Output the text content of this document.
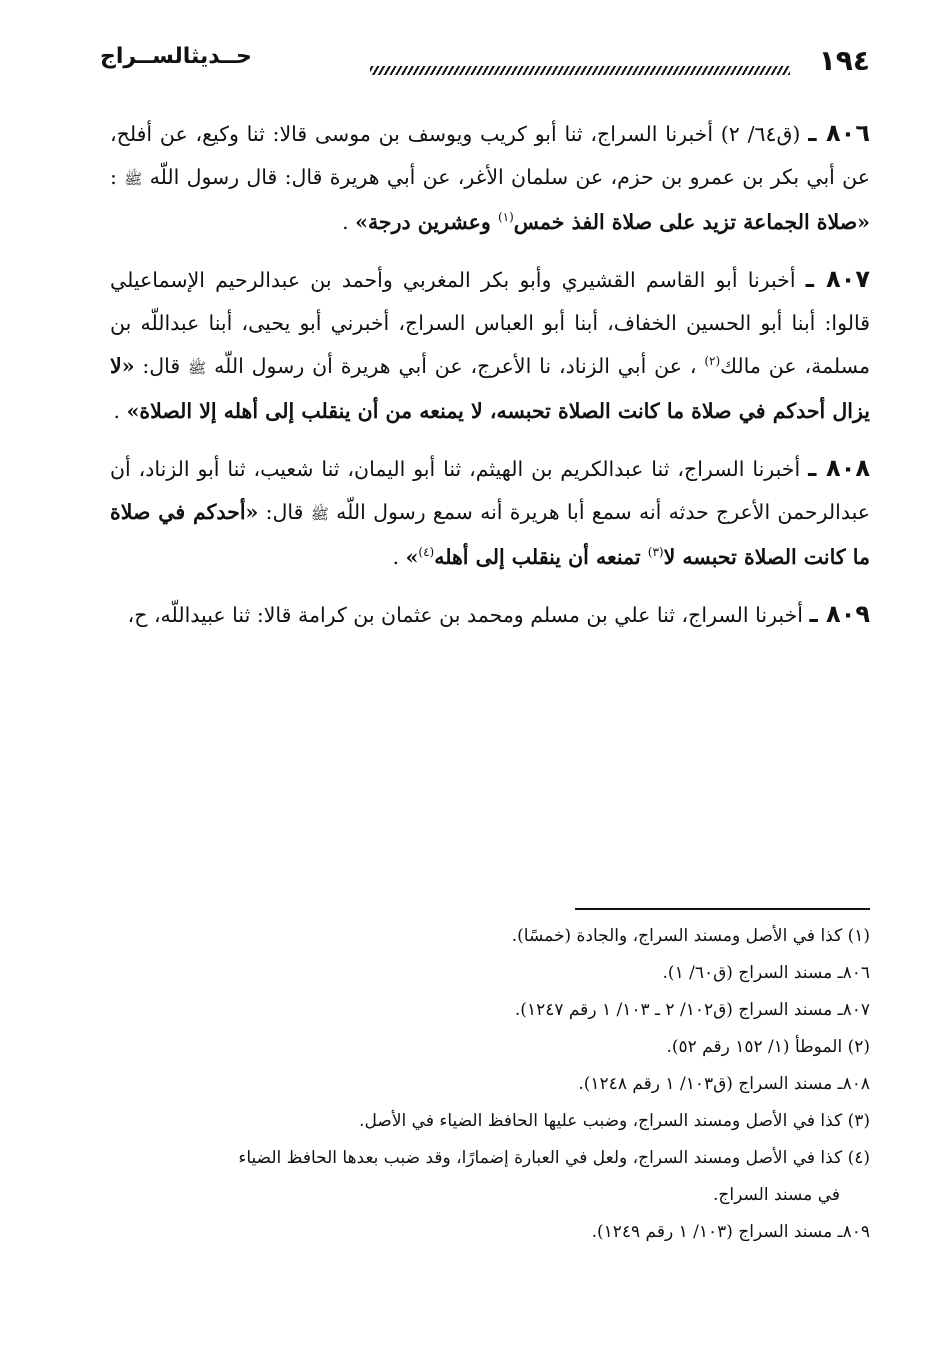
١٩٤
حــديثالســراج

٨٠٦ ـ (ق٦٤/ ٢) أخبرنا السراج، ثنا أبو كريب ويوسف بن موسى قالا: ثنا وكيع، عن أفلح، عن أبي بكر بن عمرو بن حزم، عن سلمان الأغر، عن أبي هريرة قال: قال رسول اللّه ﷺ : «صلاة الجماعة تزيد على صلاة الفذ خمس$^{(١)}$ وعشرين درجة» .

٨٠٧ ـ أخبرنا أبو القاسم القشيري وأبو بكر المغربي وأحمد بن عبدالرحيم الإسماعيلي قالوا: أبنا أبو الحسين الخفاف، أبنا أبو العباس السراج، أخبرني أبو يحيى، أبنا عبداللّه بن مسلمة، عن مالك$^{(٢)}$ ، عن أبي الزناد، نا الأعرج، عن أبي هريرة أن رسول اللّه ﷺ قال: «لا يزال أحدكم في صلاة ما كانت الصلاة تحبسه، لا يمنعه من أن ينقلب إلى أهله إلا الصلاة» .

٨٠٨ ـ أخبرنا السراج، ثنا عبدالكريم بن الهيثم، ثنا أبو اليمان، ثنا شعيب، ثنا أبو الزناد، أن عبدالرحمن الأعرج حدثه أنه سمع أبا هريرة أنه سمع رسول اللّه ﷺ قال: «أحدكم في صلاة ما كانت الصلاة تحبسه لا$^{(٣)}$ تمنعه أن ينقلب إلى أهله$^{(٤)}$» .

٨٠٩ ـ أخبرنا السراج، ثنا علي بن مسلم ومحمد بن عثمان بن كرامة قالا: ثنا عبيداللّه، ح،

(١) كذا في الأصل ومسند السراج، والجادة (خمسًا).

٨٠٦ـ مسند السراج (ق٦٠/ ١).

٨٠٧ـ مسند السراج (ق١٠٢/ ٢ ـ ١٠٣/ ١ رقم ١٢٤٧).

(٢) الموطأ (١/ ١٥٢ رقم ٥٢).

٨٠٨ـ مسند السراج (ق١٠٣/ ١ رقم ١٢٤٨).

(٣) كذا في الأصل ومسند السراج، وضبب عليها الحافظ الضياء في الأصل.

(٤) كذا في الأصل ومسند السراج، ولعل في العبارة إضمارًا، وقد ضبب بعدها الحافظ الضياء

في مسند السراج.

٨٠٩ـ مسند السراج (١٠٣/ ١ رقم ١٢٤٩).
